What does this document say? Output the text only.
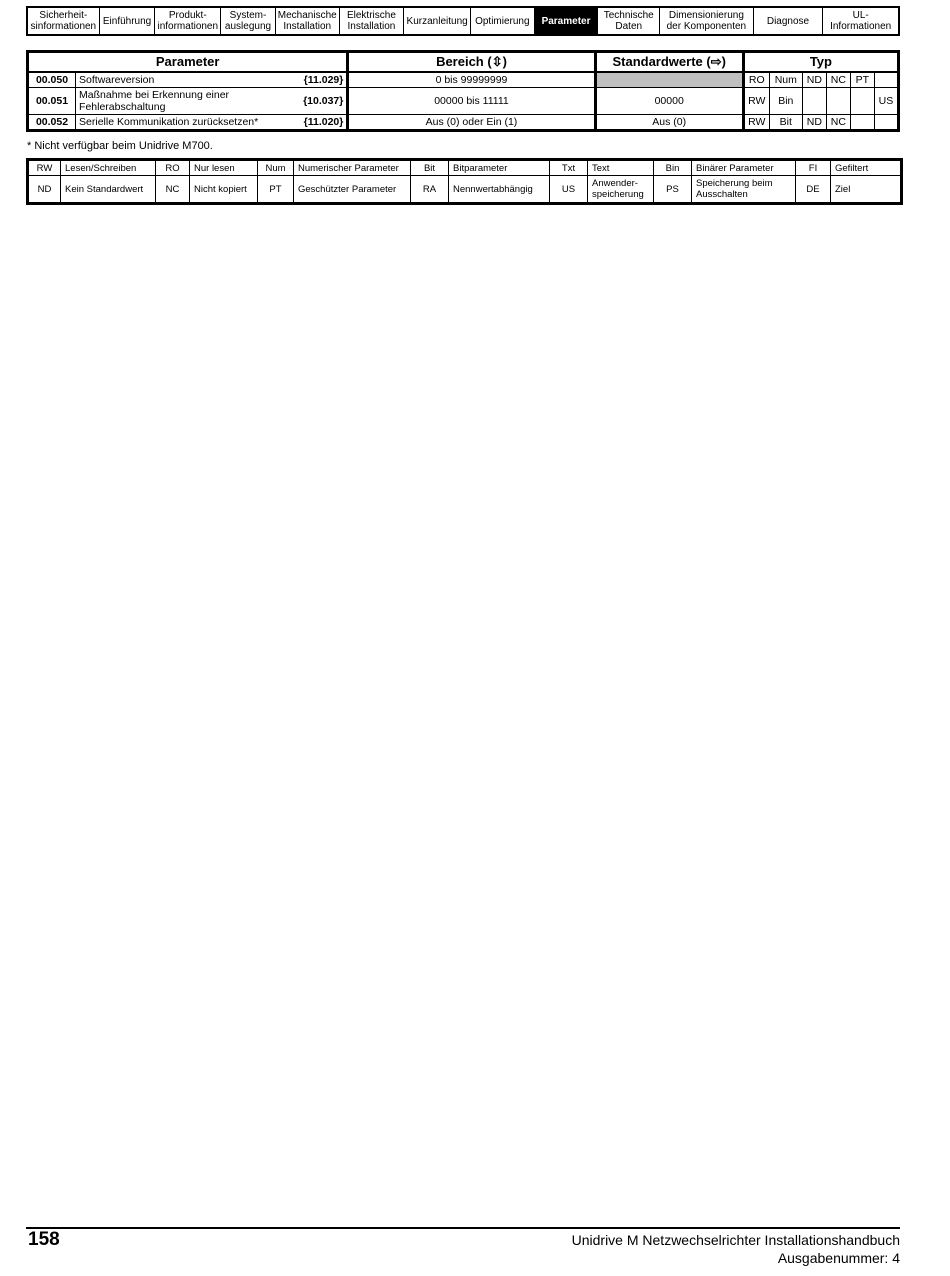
Sicherheit-
sinformationen Einführung	Produkt-
informationen
System-
auslegung
Mechanische
Installation
Elektrische
Installation Kurzanleitung Optimierung Parameter Technische
Daten
Dimensionierung
der Komponenten Diagnose	UL-
Informationen
Parameter		Bereich (⇳)	Standardwerte (⇨)	Typ					
00.050	Softwareversion {11.029}	0 bis 99999999		RO	Num	ND	NC	PT	
00.051	Maßnahme bei Erkennung einer Fehlerabschaltung {10.037}	00000 bis 11111	00000	RW	Bin				US
00.052	Serielle Kommunikation zurücksetzen* {11.020}	Aus (0) oder Ein (1)	Aus (0)	RW	Bit	ND	NC		
* Nicht verfügbar beim Unidrive M700.
RW	Lesen/Schreiben	RO	Nur lesen	Num	Numerischer Parameter	Bit	Bitparameter	Txt	Text	Bin	Binärer Parameter	FI	Gefiltert
ND	Kein Standardwert	NC	Nicht kopiert	PT	Geschützter Parameter	RA	Nennwertabhängig	US	Anwender-
speicherung	PS	Speicherung beim
Ausschalten	DE	Ziel
158	Unidrive M Netzwechselrichter Installationshandbuch
Ausgabenummer: 4
